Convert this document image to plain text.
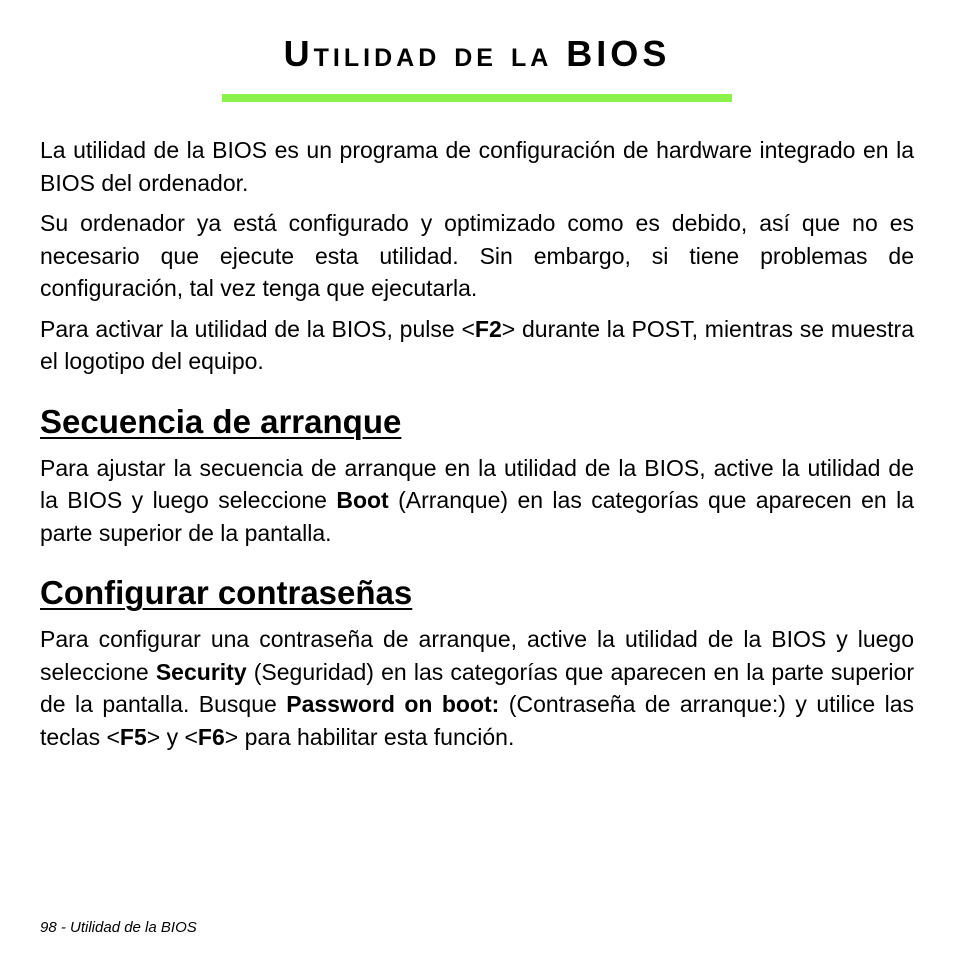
Utilidad de la BIOS

La utilidad de la BIOS es un programa de configuración de hardware integrado en la BIOS del ordenador.

Su ordenador ya está configurado y optimizado como es debido, así que no es necesario que ejecute esta utilidad. Sin embargo, si tiene problemas de configuración, tal vez tenga que ejecutarla.

Para activar la utilidad de la BIOS, pulse <F2> durante la POST, mientras se muestra el logotipo del equipo.

Secuencia de arranque

Para ajustar la secuencia de arranque en la utilidad de la BIOS, active la utilidad de la BIOS y luego seleccione Boot (Arranque) en las categorías que aparecen en la parte superior de la pantalla.

Configurar contraseñas

Para configurar una contraseña de arranque, active la utilidad de la BIOS y luego seleccione Security (Seguridad) en las categorías que aparecen en la parte superior de la pantalla. Busque Password on boot: (Contraseña de arranque:) y utilice las teclas <F5> y <F6> para habilitar esta función.

98 - Utilidad de la BIOS
